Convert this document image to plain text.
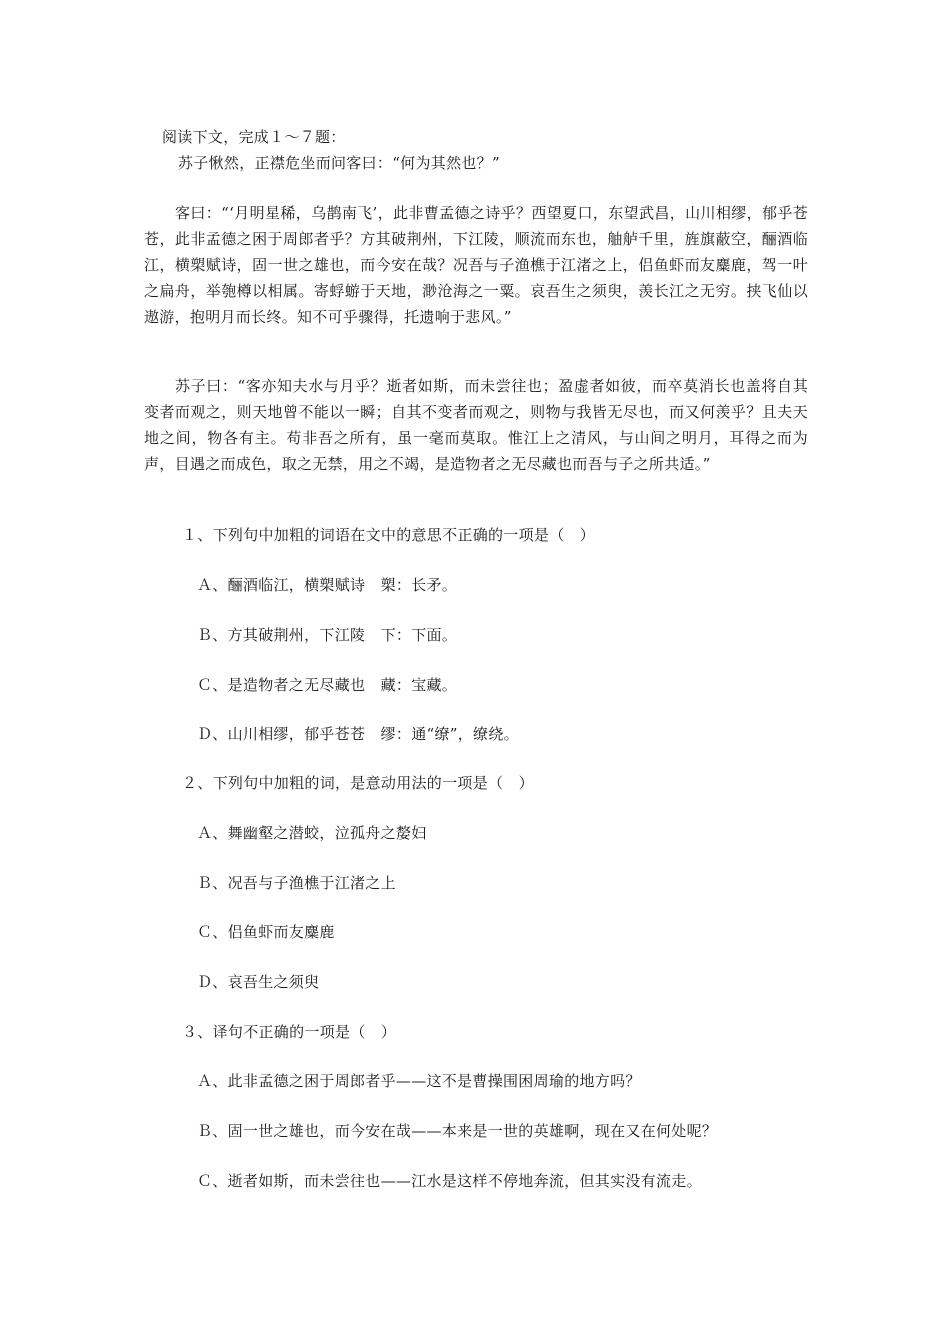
阅读下文，完成１～７题：
苏子愀然，正襟危坐而问客曰：“何为其然也？”
客曰：“‘月明星稀，乌鹊南飞’，此非曹孟德之诗乎？西望夏口，东望武昌，山川相缪，郁乎苍苍，此非孟德之困于周郎者乎？方其破荆州，下江陵，顺流而东也，舳舻千里，旌旗蔽空，酾酒临江，横槊赋诗，固一世之雄也，而今安在哉？况吾与子渔樵于江渚之上，侣鱼虾而友麋鹿，驾一叶之扁舟，举匏樽以相属。寄蜉蝣于天地，渺沧海之一粟。哀吾生之须臾，羡长江之无穷。挟飞仙以遨游，抱明月而长终。知不可乎骤得，托遗响于悲风。”
苏子曰：“客亦知夫水与月乎？逝者如斯，而未尝往也；盈虚者如彼，而卒莫消长也盖将自其变者而观之，则天地曾不能以一瞬；自其不变者而观之，则物与我皆无尽也，而又何羡乎？且夫天地之间，物各有主。苟非吾之所有，虽一毫而莫取。惟江上之清风，与山间之明月，耳得之而为声，目遇之而成色，取之无禁，用之不竭，是造物者之无尽藏也而吾与子之所共适。”
１、下列句中加粗的词语在文中的意思不正确的一项是（　）
Ａ、酾酒临江，横槊赋诗　槊：长矛。
Ｂ、方其破荆州，下江陵　下：下面。
Ｃ、是造物者之无尽藏也　藏：宝藏。
Ｄ、山川相缪，郁乎苍苍　缪：通“缭”，缭绕。
２、下列句中加粗的词，是意动用法的一项是（　）
Ａ、舞幽壑之潜蛟，泣孤舟之嫠妇
Ｂ、况吾与子渔樵于江渚之上
Ｃ、侣鱼虾而友麋鹿
Ｄ、哀吾生之须臾
３、译句不正确的一项是（　）
Ａ、此非孟德之困于周郎者乎——这不是曹操围困周瑜的地方吗？
Ｂ、固一世之雄也，而今安在哉——本来是一世的英雄啊，现在又在何处呢？
Ｃ、逝者如斯，而未尝往也——江水是这样不停地奔流，但其实没有流走。
